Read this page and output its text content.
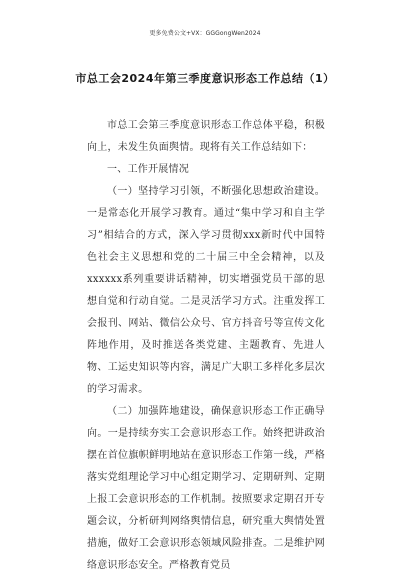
更多免费公文+VX：GGGongWen2024
市总工会2024年第三季度意识形态工作总结（1）

市总工会第三季度意识形态工作总体平稳，积极向上，未发生负面舆情。现将有关工作总结如下：

一、工作开展情况

（一）坚持学习引领，不断强化思想政治建设。一是常态化开展学习教育。通过“集中学习和自主学习”相结合的方式，深入学习贯彻xxx新时代中国特色社会主义思想和党的二十届三中全会精神，以及xxxxxx系列重要讲话精神，切实增强党员干部的思想自觉和行动自觉。二是灵活学习方式。注重发挥工会报刊、网站、微信公众号、官方抖音号等宣传文化阵地作用，及时推送各类党建、主题教育、先进人物、工运史知识等内容，满足广大职工多样化多层次的学习需求。

（二）加强阵地建设，确保意识形态工作正确导向。一是持续夯实工会意识形态工作。始终把讲政治摆在首位旗帜鲜明地站在意识形态工作第一线，严格落实党组理论学习中心组定期学习、定期研判、定期上报工会意识形态的工作机制。按照要求定期召开专题会议，分析研判网络舆情信息，研究重大舆情处置措施，做好工会意识形态领域风险排查。二是维护网络意识形态安全。严格教育党员
